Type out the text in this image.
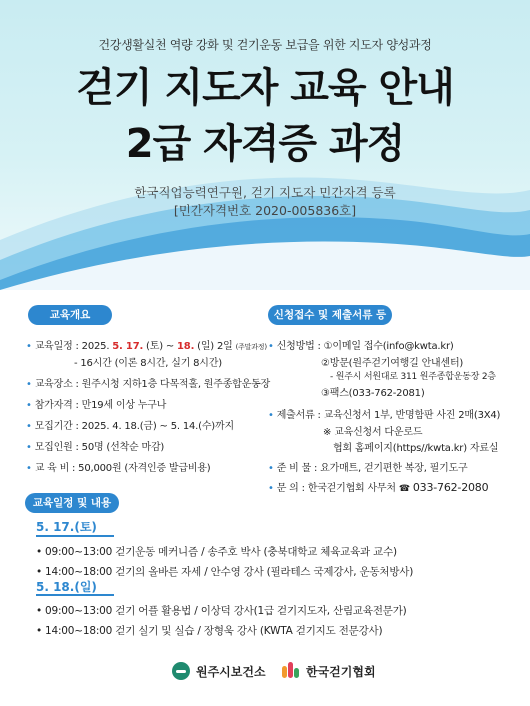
건강생활실천 역량 강화 및 걷기운동 보급을 위한 지도자 양성과정
걷기 지도자 교육 안내
2급 자격증 과정
한국직업능력연구원, 걷기 지도자 민간자격 등록
[민간자격번호 2020-005836호]
교육개요
• 교육일정 : 2025. 5. 17. (토) ~ 18. (일) 2일 (주말과정)
- 16시간 (이론 8시간, 실기 8시간)
• 교육장소 : 원주시청 지하1층 다목적홀, 원주종합운동장
• 참가자격 : 만19세 이상 누구나
• 모집기간 : 2025. 4. 18.(금) ~ 5. 14.(수)까지
• 모집인원 : 50명 (선착순 마감)
• 교 육 비 : 50,000원 (자격인증 발급비용)
신청접수 및 제출서류 등
• 신청방법 : ①이메일 접수(info@kwta.kr)
②방문(원주걷기여행길 안내센터)
- 원주시 서원대로 311 원주종합운동장 2층
③팩스(033-762-2081)
• 제출서류 : 교육신청서 1부, 반명함판 사진 2매(3X4)
※ 교육신청서 다운로드
협회 홈페이지(https//kwta.kr) 자료실
• 준 비 물 : 요가매트, 걷기편한 복장, 필기도구
• 문 의 : 한국걷기협회 사무처 ☎ 033-762-2080
교육일정 및 내용
5. 17.(토)
• 09:00~13:00 걷기운동 메커니즘 / 송주호 박사 (충북대학교 체육교육과 교수)
• 14:00~18:00 걷기의 올바른 자세 / 안수영 강사 (필라테스 국제강사, 운동처방사)
5. 18.(일)
• 09:00~13:00 걷기 어플 활용법 / 이상덕 강사(1급 걷기지도자, 산림교육전문가)
• 14:00~18:00 걷기 실기 및 실습 / 장형욱 강사 (KWTA 걷기지도 전문강사)
원주시보건소	한국걷기협회
